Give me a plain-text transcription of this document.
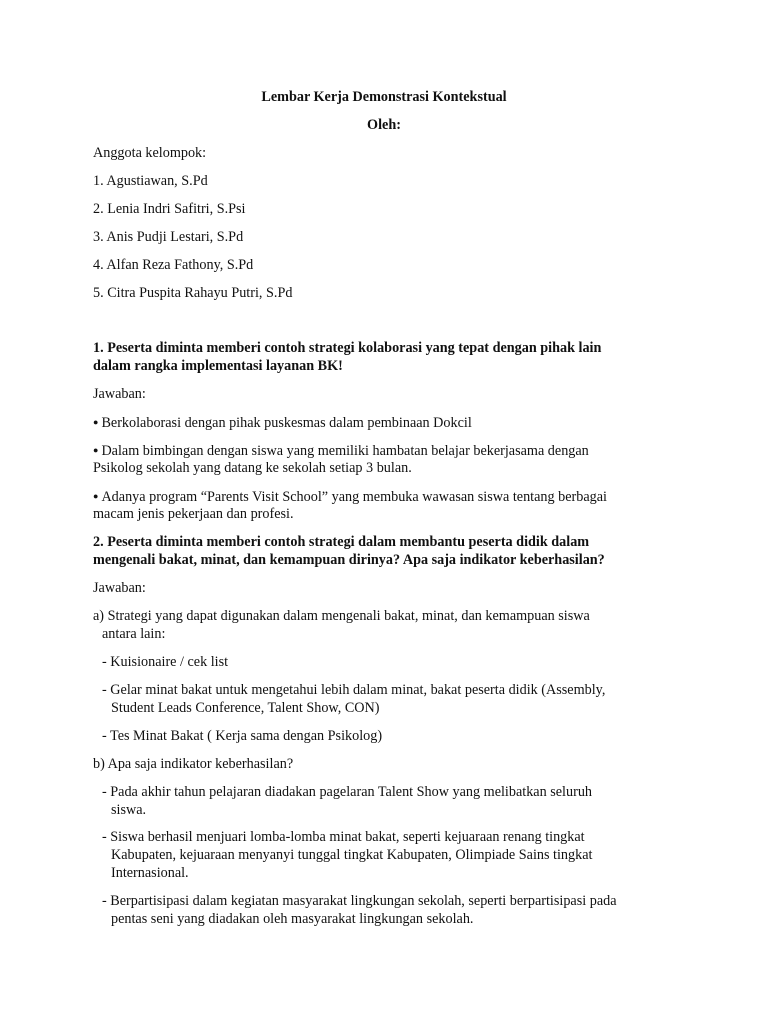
Lembar Kerja Demonstrasi Kontekstual

Oleh:

Anggota kelompok:

1. Agustiawan, S.Pd

2. Lenia Indri Safitri, S.Psi

3. Anis Pudji Lestari, S.Pd

4. Alfan Reza Fathony, S.Pd

5. Citra Puspita Rahayu Putri, S.Pd

1. Peserta diminta memberi contoh strategi kolaborasi yang tepat dengan pihak lain

dalam rangka implementasi layanan BK!

Jawaban:

● Berkolaborasi dengan pihak puskesmas dalam pembinaan Dokcil

● Dalam bimbingan dengan siswa yang memiliki hambatan belajar bekerjasama dengan

Psikolog sekolah yang datang ke sekolah setiap 3 bulan.

● Adanya program “Parents Visit School” yang membuka wawasan siswa tentang berbagai

macam jenis pekerjaan dan profesi.

2. Peserta diminta memberi contoh strategi dalam membantu peserta didik dalam

mengenali bakat, minat, dan kemampuan dirinya? Apa saja indikator keberhasilan?

Jawaban:

a) Strategi yang dapat digunakan dalam mengenali bakat, minat, dan kemampuan siswa

antara lain:

- Kuisionaire / cek list

- Gelar minat bakat untuk mengetahui lebih dalam minat, bakat peserta didik (Assembly,

Student Leads Conference, Talent Show, CON)

- Tes Minat Bakat ( Kerja sama dengan Psikolog)

b) Apa saja indikator keberhasilan?

- Pada akhir tahun pelajaran diadakan pagelaran Talent Show yang melibatkan seluruh

siswa.

- Siswa berhasil menjuari lomba-lomba minat bakat, seperti kejuaraan renang tingkat

Kabupaten, kejuaraan menyanyi tunggal tingkat Kabupaten, Olimpiade Sains tingkat

Internasional.

- Berpartisipasi dalam kegiatan masyarakat lingkungan sekolah, seperti berpartisipasi pada

pentas seni yang diadakan oleh masyarakat lingkungan sekolah.
